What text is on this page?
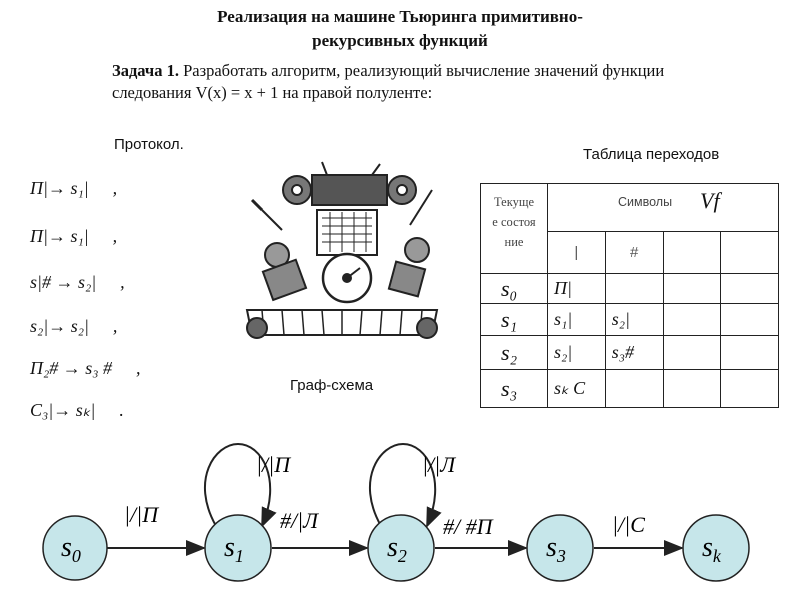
Реализация на машине Тьюринга примитивно-
рекурсивных функций
Задача 1. Разработать алгоритм, реализующий вычисление значений функции
следования V(x) = x + 1 на правой полуленте:
Протокол.
П|→ s₁| ,
П|→ s₁| ,
s|# → s₂| ,
s₂|→ s₂| ,
П₂# → s₃ # ,
С₃|→ sₖ| .
Граф-схема
Таблица переходов
Текущее состояние	Символы Vf			

	|	#		
s₀	П|			
s₁	s₁|	s₂|		
s₂	s₂|	s₃#		
s₃	sₖ С			
|/|П	|/|Л
|/|П	#/|Л	#/ #П	|/|С
$s_0$	$s_1$	$s_2$	$s_3$	$s_k$
